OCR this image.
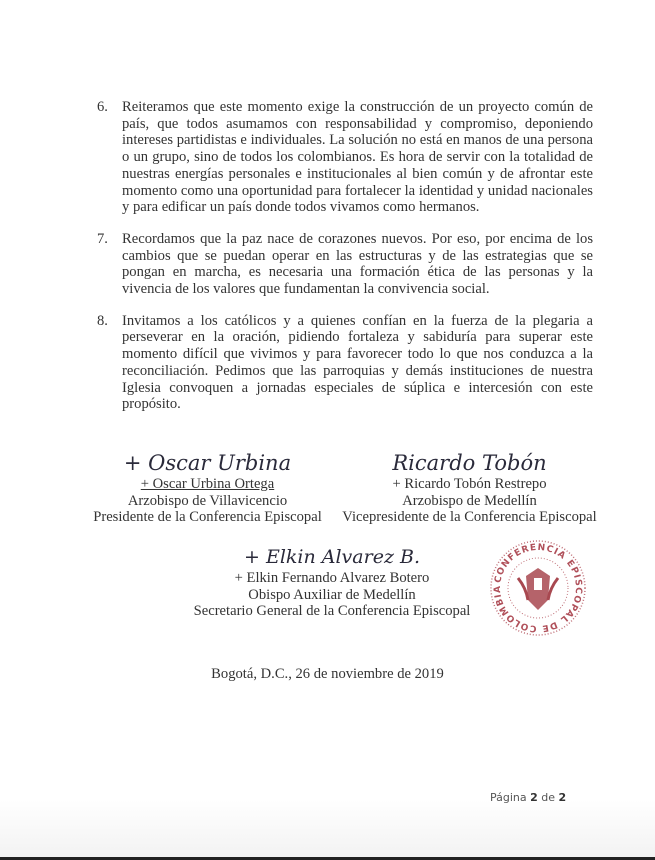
6. Reiteramos que este momento exige la construcción de un proyecto común de país, que todos asumamos con responsabilidad y compromiso, deponiendo intereses partidistas e individuales. La solución no está en manos de una persona o un grupo, sino de todos los colombianos. Es hora de servir con la totalidad de nuestras energías personales e institucionales al bien común y de afrontar este momento como una oportunidad para fortalecer la identidad y unidad nacionales y para edificar un país donde todos vivamos como hermanos.
7. Recordamos que la paz nace de corazones nuevos. Por eso, por encima de los cambios que se puedan operar en las estructuras y de las estrategias que se pongan en marcha, es necesaria una formación ética de las personas y la vivencia de los valores que fundamentan la convivencia social.
8. Invitamos a los católicos y a quienes confían en la fuerza de la plegaria a perseverar en la oración, pidiendo fortaleza y sabiduría para superar este momento difícil que vivimos y para favorecer todo lo que nos conduzca a la reconciliación. Pedimos que las parroquias y demás instituciones de nuestra Iglesia convoquen a jornadas especiales de súplica e intercesión con este propósito.
+ Oscar Urbina
+ Oscar Urbina Ortega
Arzobispo de Villavicencio
Presidente de la Conferencia Episcopal
Ricardo Tobón
+ Ricardo Tobón Restrepo
Arzobispo de Medellín
Vicepresidente de la Conferencia Episcopal
+ Elkin Alvarez B.
+ Elkin Fernando Alvarez Botero
Obispo Auxiliar de Medellín
Secretario General de la Conferencia Episcopal
CONFERENCIA EPISCOPAL DE COLOMBIA
Bogotá, D.C., 26 de noviembre de 2019
Página 2 de 2
